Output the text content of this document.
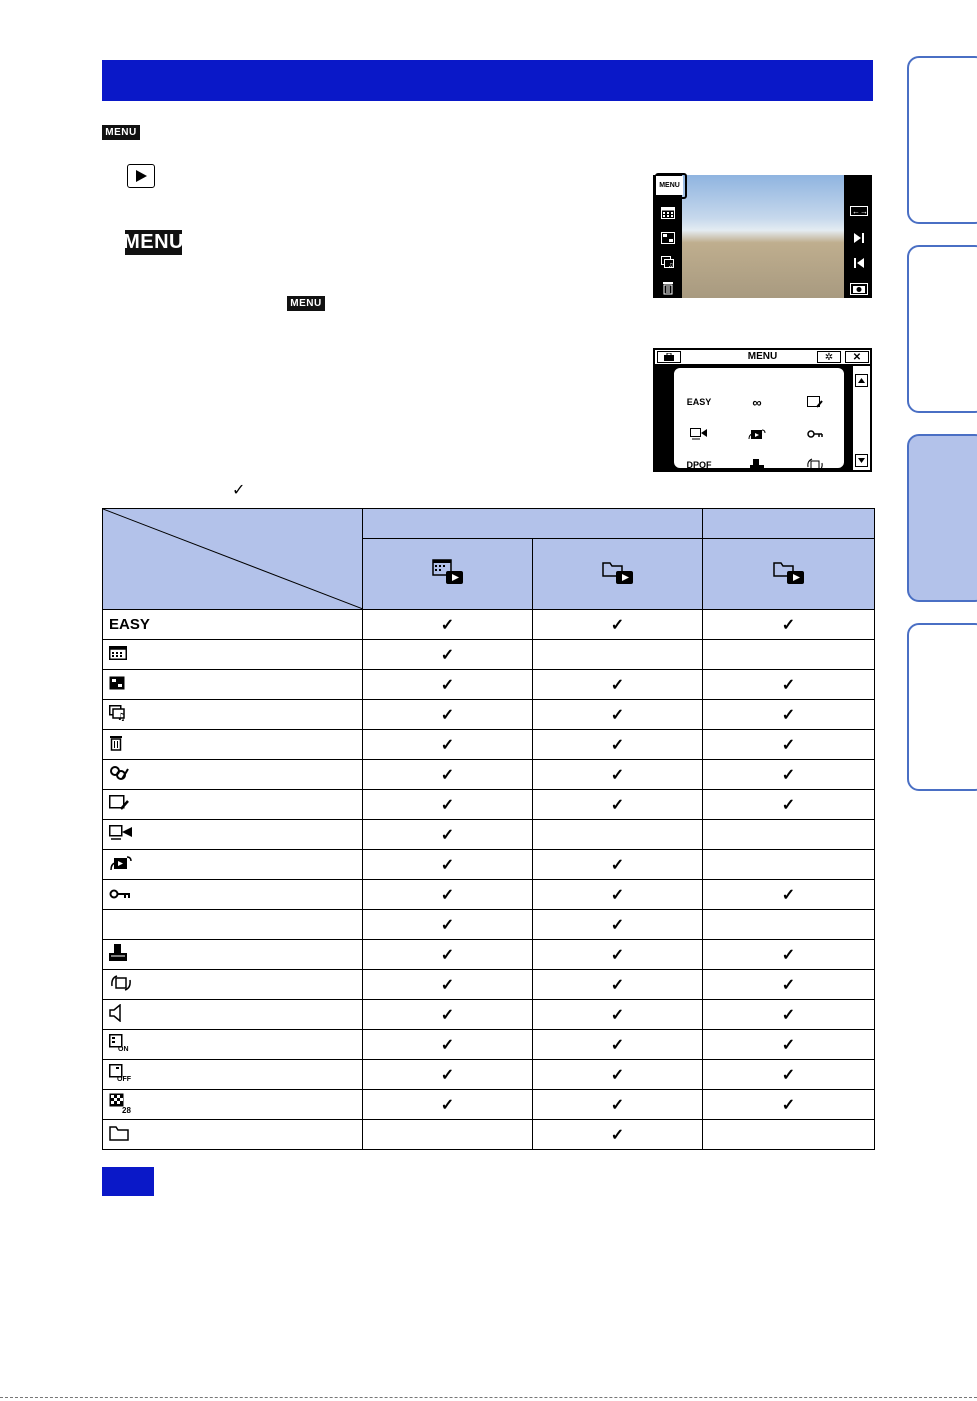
MENU
MENU
MENU
MENU
♫
←→
MENU	✲	✕
EASY	∞
DPOF
✓

EASY	✓	✓	✓

	✓		

	✓	✓	✓

♫	✓	✓	✓

	✓	✓	✓

	✓	✓	✓

	✓	✓	✓

	✓		

	✓	✓	

	✓	✓	✓
	✓	✓	

	✓	✓	✓

	✓	✓	✓

	✓	✓	✓

ON	✓	✓	✓

OFF	✓	✓	✓

28	✓	✓	✓

		✓	
